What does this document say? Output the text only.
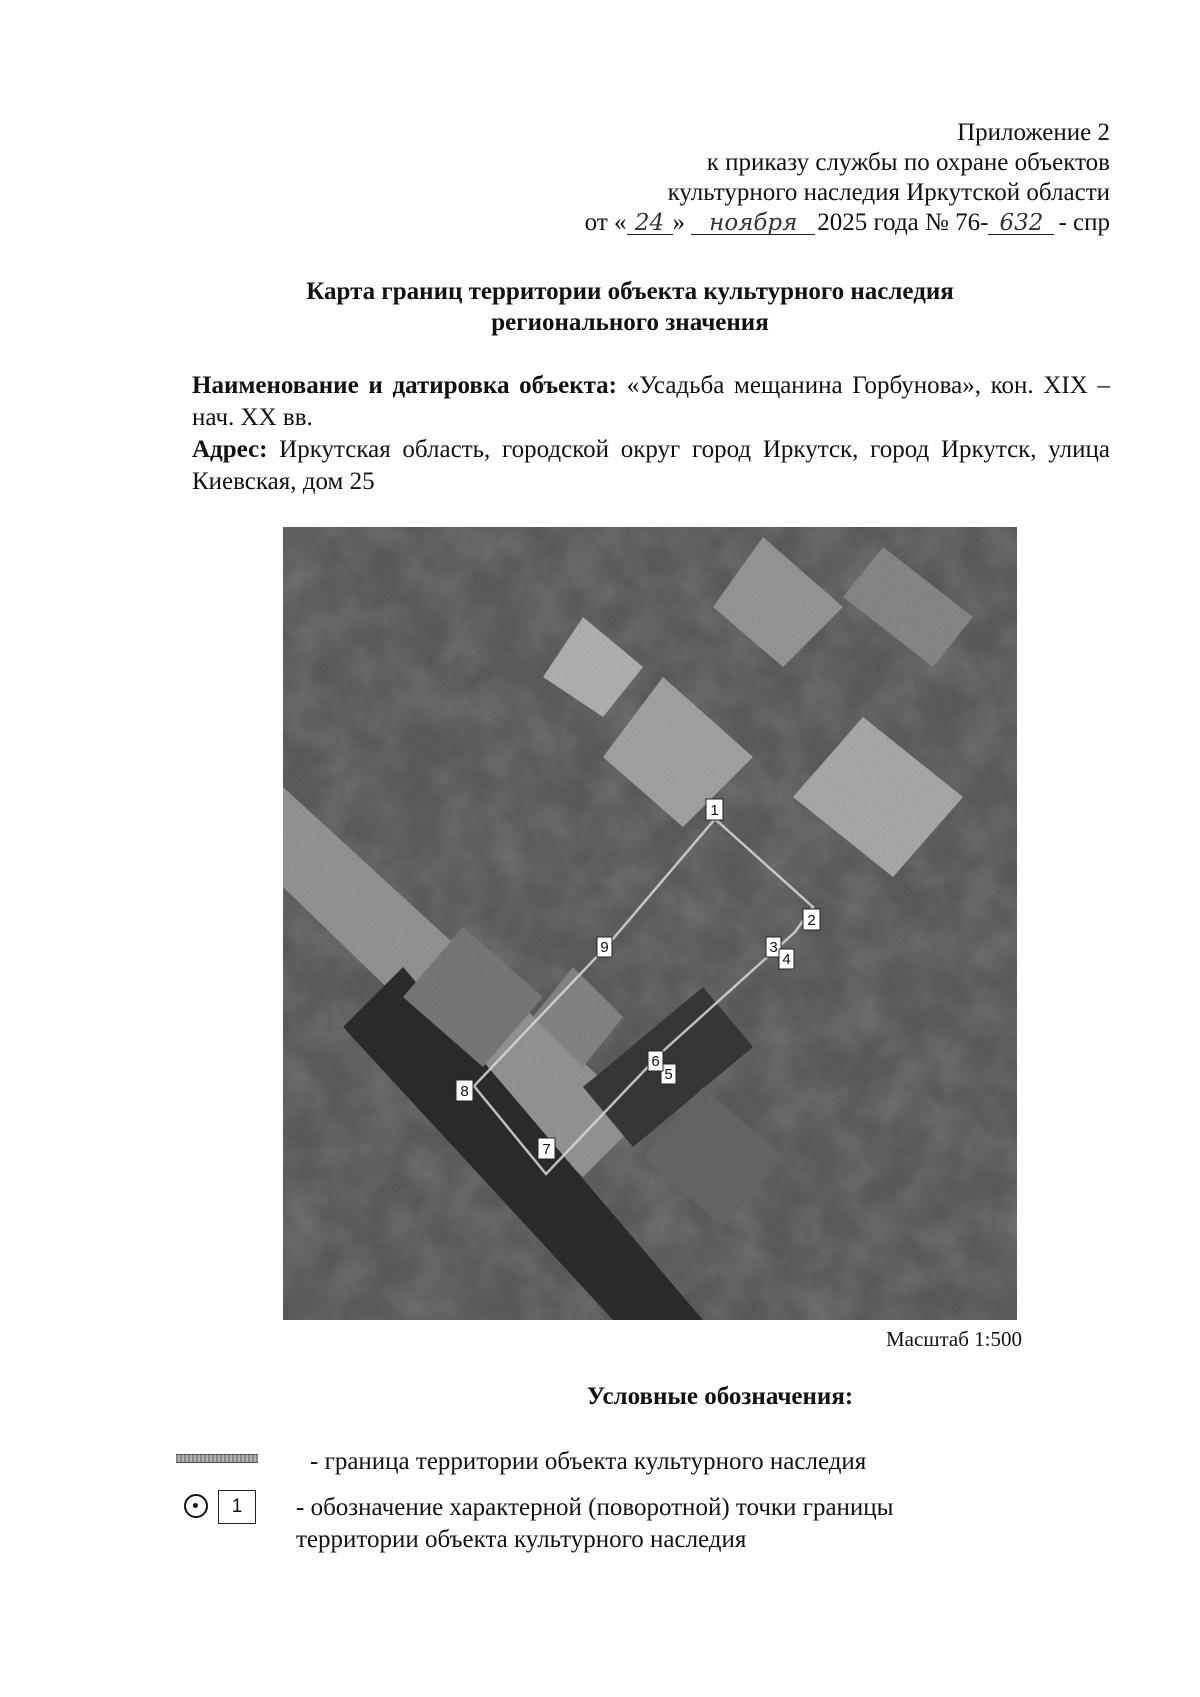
Приложение 2
к приказу службы по охране объектов
культурного наследия Иркутской области
от « 24 » ноября 2025 года № 76- 632 - спр
Карта границ территории объекта культурного наследия
регионального значения

Наименование и датировка объекта: «Усадьба мещанина Горбунова», кон. XIX – нач. XX вв.

Адрес: Иркутская область, городской округ город Иркутск, город Иркутск, улица Киевская, дом 25

1
2
3
4
5
6
7
8
9
Масштаб 1:500
Условные обозначения:
- граница территории объекта культурного наследия
1	- обозначение характерной (поворотной) точки границы территории объекта культурного наследия
